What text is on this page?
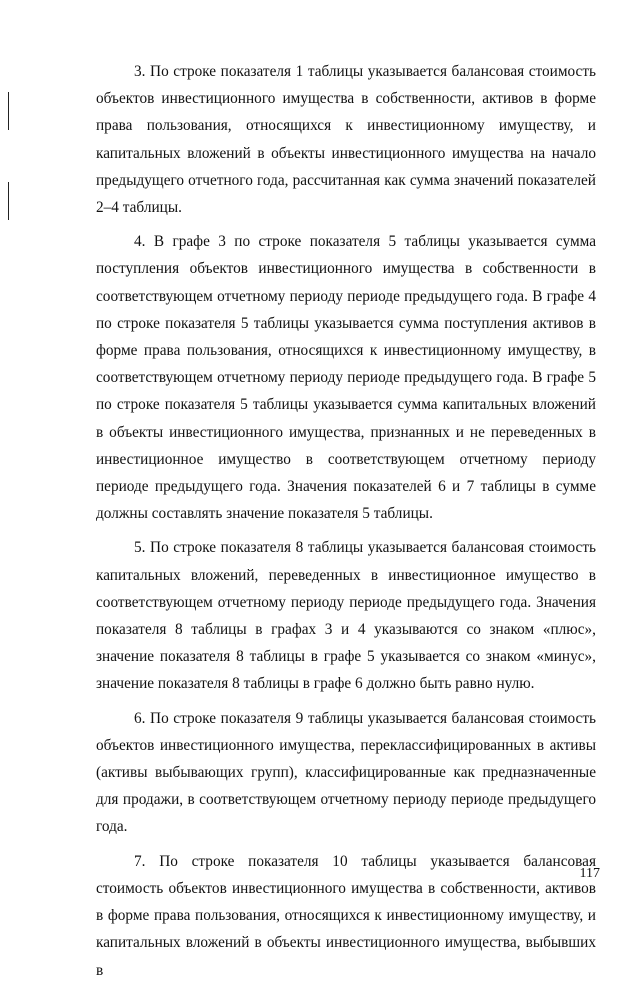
3. По строке показателя 1 таблицы указывается балансовая стоимость объектов инвестиционного имущества в собственности, активов в форме права пользования, относящихся к инвестиционному имуществу, и капитальных вложений в объекты инвестиционного имущества на начало предыдущего отчетного года, рассчитанная как сумма значений показателей 2–4 таблицы.

4. В графе 3 по строке показателя 5 таблицы указывается сумма поступления объектов инвестиционного имущества в собственности в соответствующем отчетному периоду периоде предыдущего года. В графе 4 по строке показателя 5 таблицы указывается сумма поступления активов в форме права пользования, относящихся к инвестиционному имуществу, в соответствующем отчетному периоду периоде предыдущего года. В графе 5 по строке показателя 5 таблицы указывается сумма капитальных вложений в объекты инвестиционного имущества, признанных и не переведенных в инвестиционное имущество в соответствующем отчетному периоду периоде предыдущего года. Значения показателей 6 и 7 таблицы в сумме должны составлять значение показателя 5 таблицы.

5. По строке показателя 8 таблицы указывается балансовая стоимость капитальных вложений, переведенных в инвестиционное имущество в соответствующем отчетному периоду периоде предыдущего года. Значения показателя 8 таблицы в графах 3 и 4 указываются со знаком «плюс», значение показателя 8 таблицы в графе 5 указывается со знаком «минус», значение показателя 8 таблицы в графе 6 должно быть равно нулю.

6. По строке показателя 9 таблицы указывается балансовая стоимость объектов инвестиционного имущества, переклассифицированных в активы (активы выбывающих групп), классифицированные как предназначенные для продажи, в соответствующем отчетному периоду периоде предыдущего года.

7. По строке показателя 10 таблицы указывается балансовая стоимость объектов инвестиционного имущества в собственности, активов в форме права пользования, относящихся к инвестиционному имуществу, и капитальных вложений в объекты инвестиционного имущества, выбывших в

117
